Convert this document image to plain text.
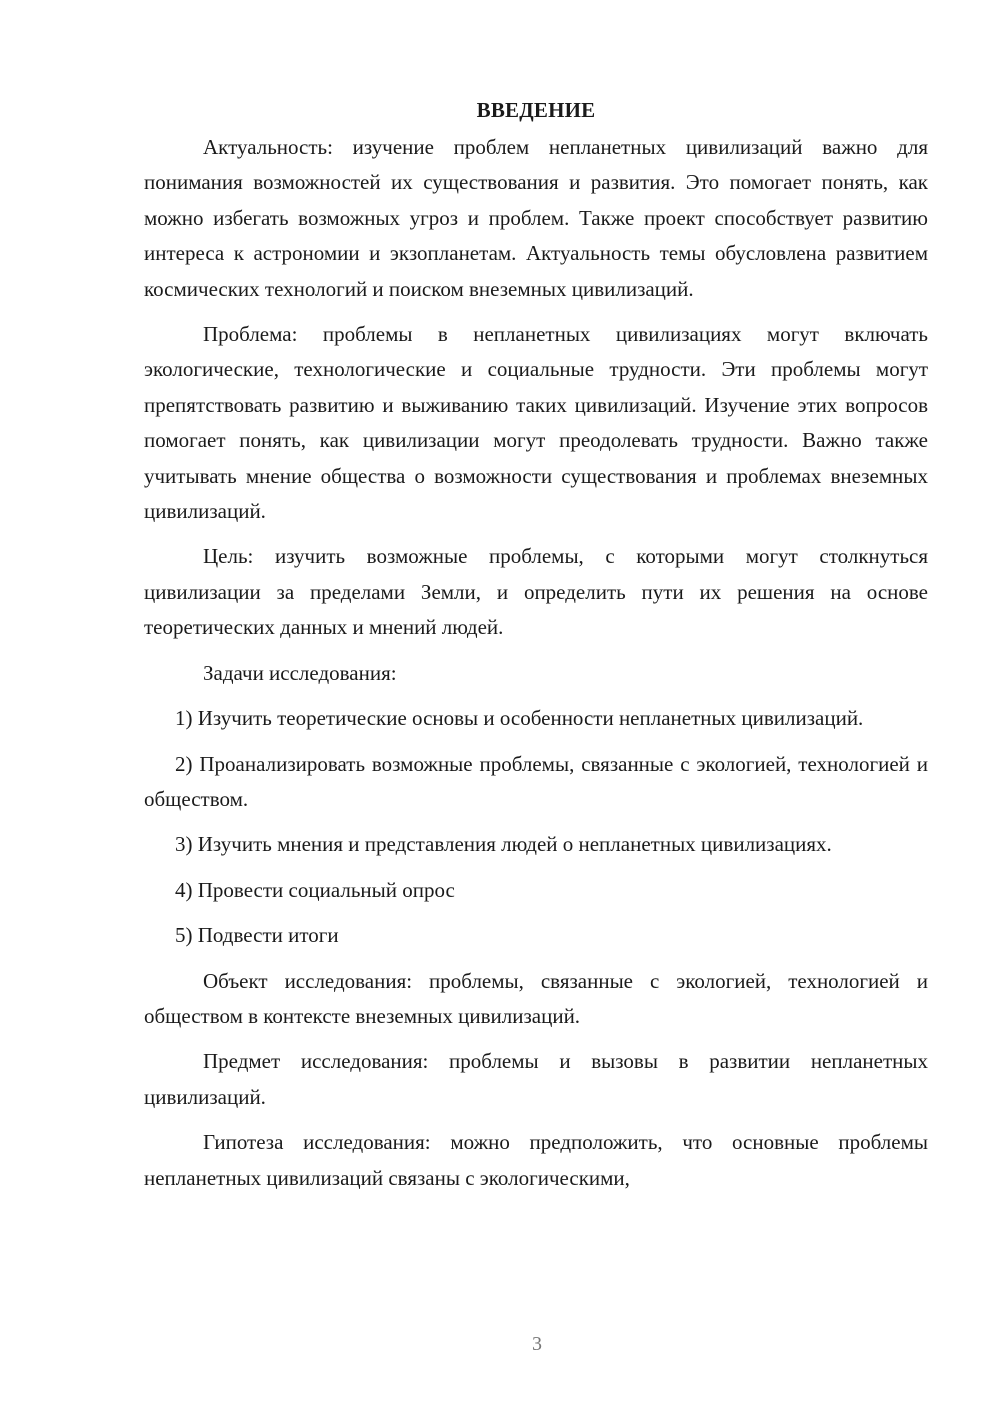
ВВЕДЕНИЕ

Актуальность: изучение проблем непланетных цивилизаций важно для понимания возможностей их существования и развития. Это помогает понять, как можно избегать возможных угроз и проблем. Также проект способствует развитию интереса к астрономии и экзопланетам. Актуальность темы обусловлена развитием космических технологий и поиском внеземных цивилизаций.

Проблема: проблемы в непланетных цивилизациях могут включать экологические, технологические и социальные трудности. Эти проблемы могут препятствовать развитию и выживанию таких цивилизаций. Изучение этих вопросов помогает понять, как цивилизации могут преодолевать трудности. Важно также учитывать мнение общества о возможности существования и проблемах внеземных цивилизаций.

Цель: изучить возможные проблемы, с которыми могут столкнуться цивилизации за пределами Земли, и определить пути их решения на основе теоретических данных и мнений людей.

Задачи исследования:

1) Изучить теоретические основы и особенности непланетных цивилизаций.

2) Проанализировать возможные проблемы, связанные с экологией, технологией и обществом.

3) Изучить мнения и представления людей о непланетных цивилизациях.

4) Провести социальный опрос

5) Подвести итоги

Объект исследования: проблемы, связанные с экологией, технологией и обществом в контексте внеземных цивилизаций.

Предмет исследования: проблемы и вызовы в развитии непланетных цивилизаций.

Гипотеза исследования: можно предположить, что основные проблемы непланетных цивилизаций связаны с экологическими,

3
